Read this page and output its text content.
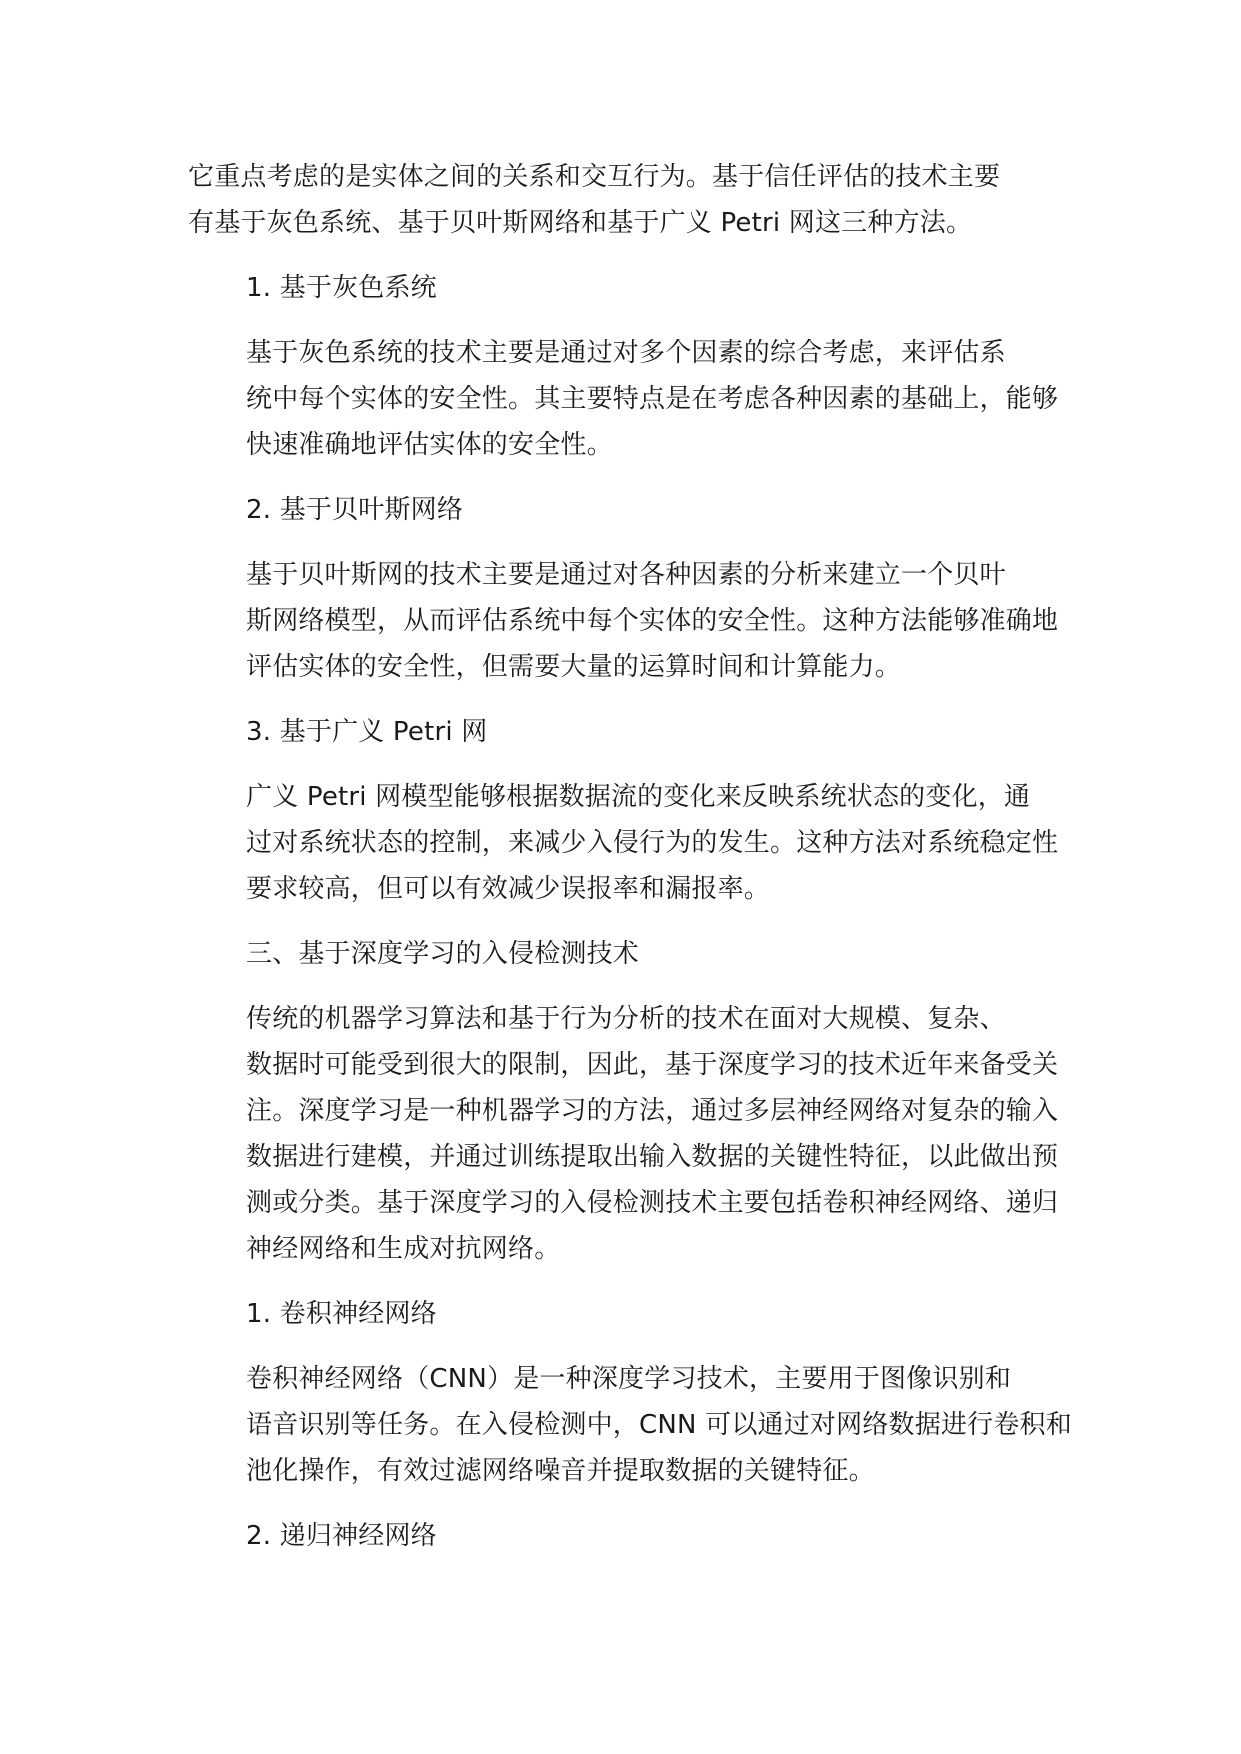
它重点考虑的是实体之间的关系和交互行为。基于信任评估的技术主要
有基于灰色系统、基于贝叶斯网络和基于广义 Petri 网这三种方法。

1. 基于灰色系统

基于灰色系统的技术主要是通过对多个因素的综合考虑，来评估系
统中每个实体的安全性。其主要特点是在考虑各种因素的基础上，能够
快速准确地评估实体的安全性。

2. 基于贝叶斯网络

基于贝叶斯网的技术主要是通过对各种因素的分析来建立一个贝叶
斯网络模型，从而评估系统中每个实体的安全性。这种方法能够准确地
评估实体的安全性，但需要大量的运算时间和计算能力。

3. 基于广义 Petri 网

广义 Petri 网模型能够根据数据流的变化来反映系统状态的变化，通
过对系统状态的控制，来减少入侵行为的发生。这种方法对系统稳定性
要求较高，但可以有效减少误报率和漏报率。

三、基于深度学习的入侵检测技术

传统的机器学习算法和基于行为分析的技术在面对大规模、复杂、
数据时可能受到很大的限制，因此，基于深度学习的技术近年来备受关
注。深度学习是一种机器学习的方法，通过多层神经网络对复杂的输入
数据进行建模，并通过训练提取出输入数据的关键性特征，以此做出预
测或分类。基于深度学习的入侵检测技术主要包括卷积神经网络、递归
神经网络和生成对抗网络。

1. 卷积神经网络

卷积神经网络（CNN）是一种深度学习技术，主要用于图像识别和
语音识别等任务。在入侵检测中，CNN 可以通过对网络数据进行卷积和
池化操作，有效过滤网络噪音并提取数据的关键特征。

2. 递归神经网络
